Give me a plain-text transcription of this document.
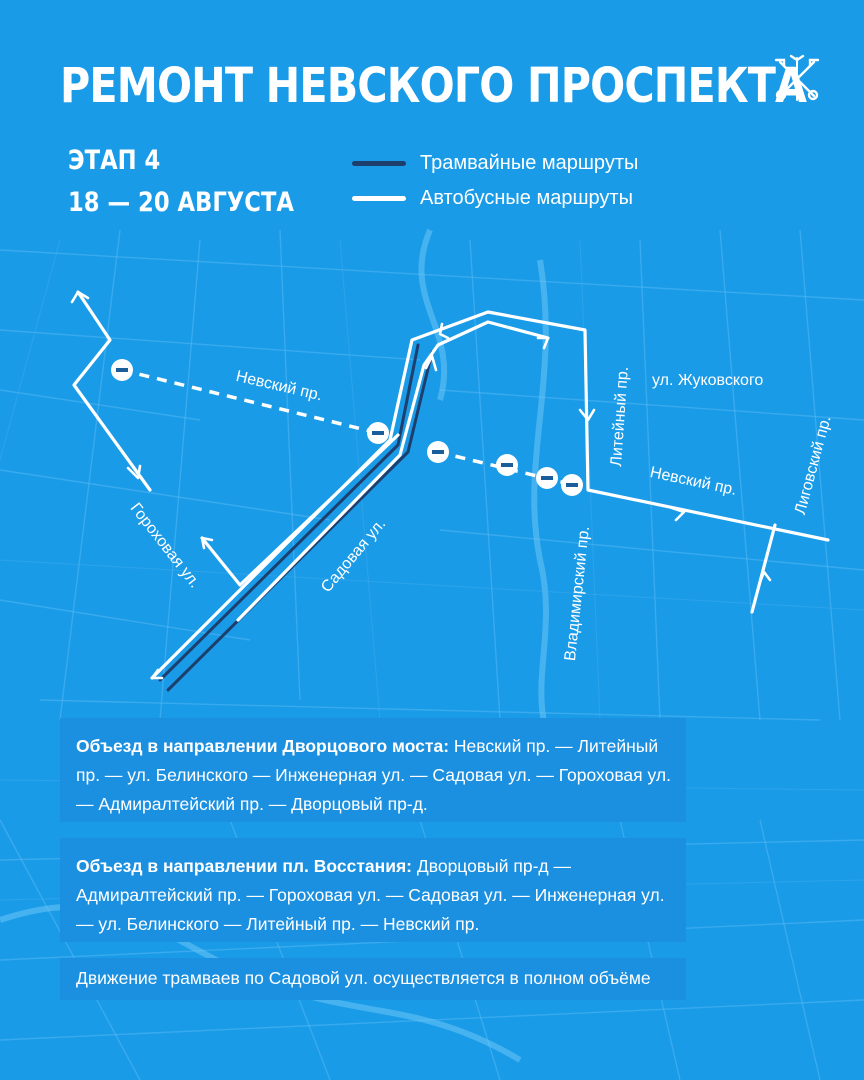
РЕМОНТ НЕВСКОГО ПРОСПЕКТА
ЭТАП 4
18 — 20 АВГУСТА
Трамвайные маршруты
Автобусные маршруты
Невский пр.
Невский пр.
Гороховая ул.	Садовая ул.	Владимирский пр.
Литейный пр. ул. Жуковского
Лиговский пр.
Объезд в направлении Дворцового моста: Невский пр. — Литейный пр. — ул. Белинского — Инженерная ул. — Садовая ул. — Гороховая ул. — Адмиралтейский пр. — Дворцовый пр-д.
Объезд в направлении пл. Восстания: Дворцовый пр-д — Адмиралтейский пр. — Гороховая ул. — Садовая ул. — Инженерная ул. — ул. Белинского — Литейный пр. — Невский пр.
Движение трамваев по Садовой ул. осуществляется в полном объёме
